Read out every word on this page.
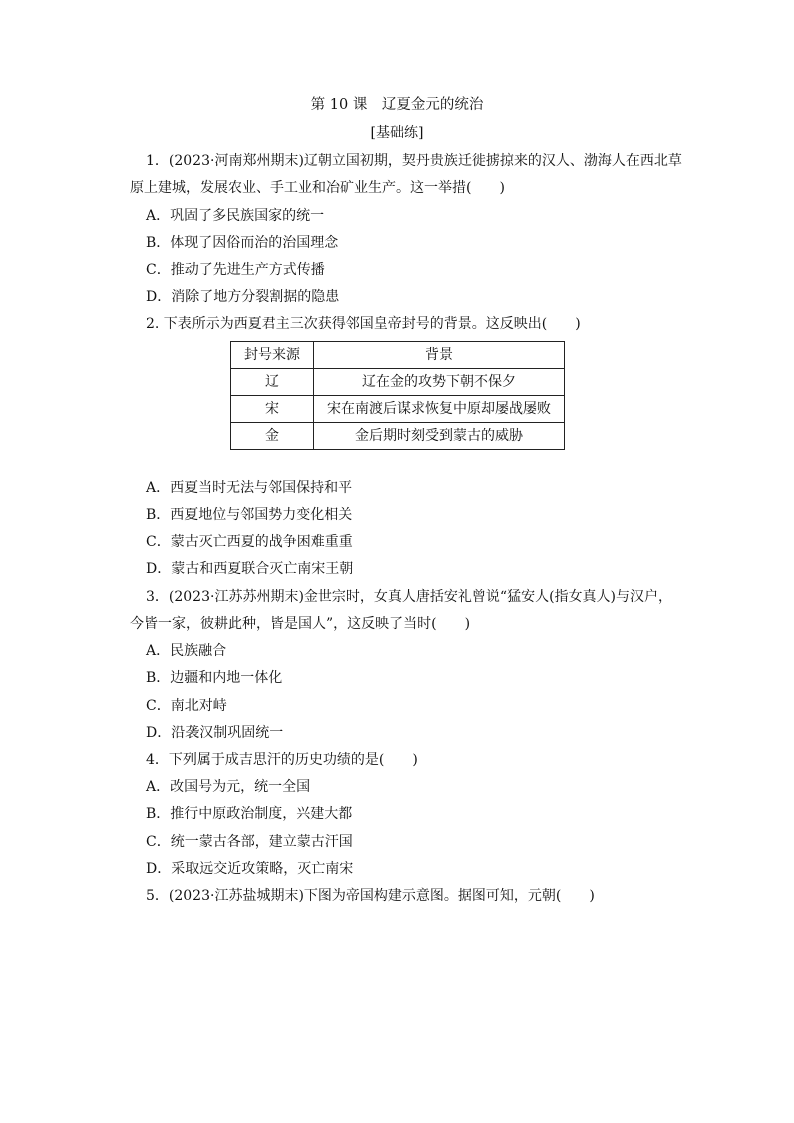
第 10 课　辽夏金元的统治
[基础练]
1．(2023·河南郑州期末)辽朝立国初期，契丹贵族迁徙掳掠来的汉人、渤海人在西北草
原上建城，发展农业、手工业和冶矿业生产。这一举措(　　)
A．巩固了多民族国家的统一
B．体现了因俗而治的治国理念
C．推动了先进生产方式传播
D．消除了地方分裂割据的隐患
2. 下表所示为西夏君主三次获得邻国皇帝封号的背景。这反映出(　　)
封号来源	背景
辽	辽在金的攻势下朝不保夕
宋	宋在南渡后谋求恢复中原却屡战屡败
金	金后期时刻受到蒙古的威胁
A．西夏当时无法与邻国保持和平
B．西夏地位与邻国势力变化相关
C．蒙古灭亡西夏的战争困难重重
D．蒙古和西夏联合灭亡南宋王朝
3．(2023·江苏苏州期末)金世宗时，女真人唐括安礼曾说“猛安人(指女真人)与汉户，
今皆一家，彼耕此种，皆是国人”，这反映了当时(　　)
A．民族融合
B．边疆和内地一体化
C．南北对峙
D．沿袭汉制巩固统一
4．下列属于成吉思汗的历史功绩的是(　　)
A．改国号为元，统一全国
B．推行中原政治制度，兴建大都
C．统一蒙古各部，建立蒙古汗国
D．采取远交近攻策略，灭亡南宋
5．(2023·江苏盐城期末)下图为帝国构建示意图。据图可知，元朝(　　)
